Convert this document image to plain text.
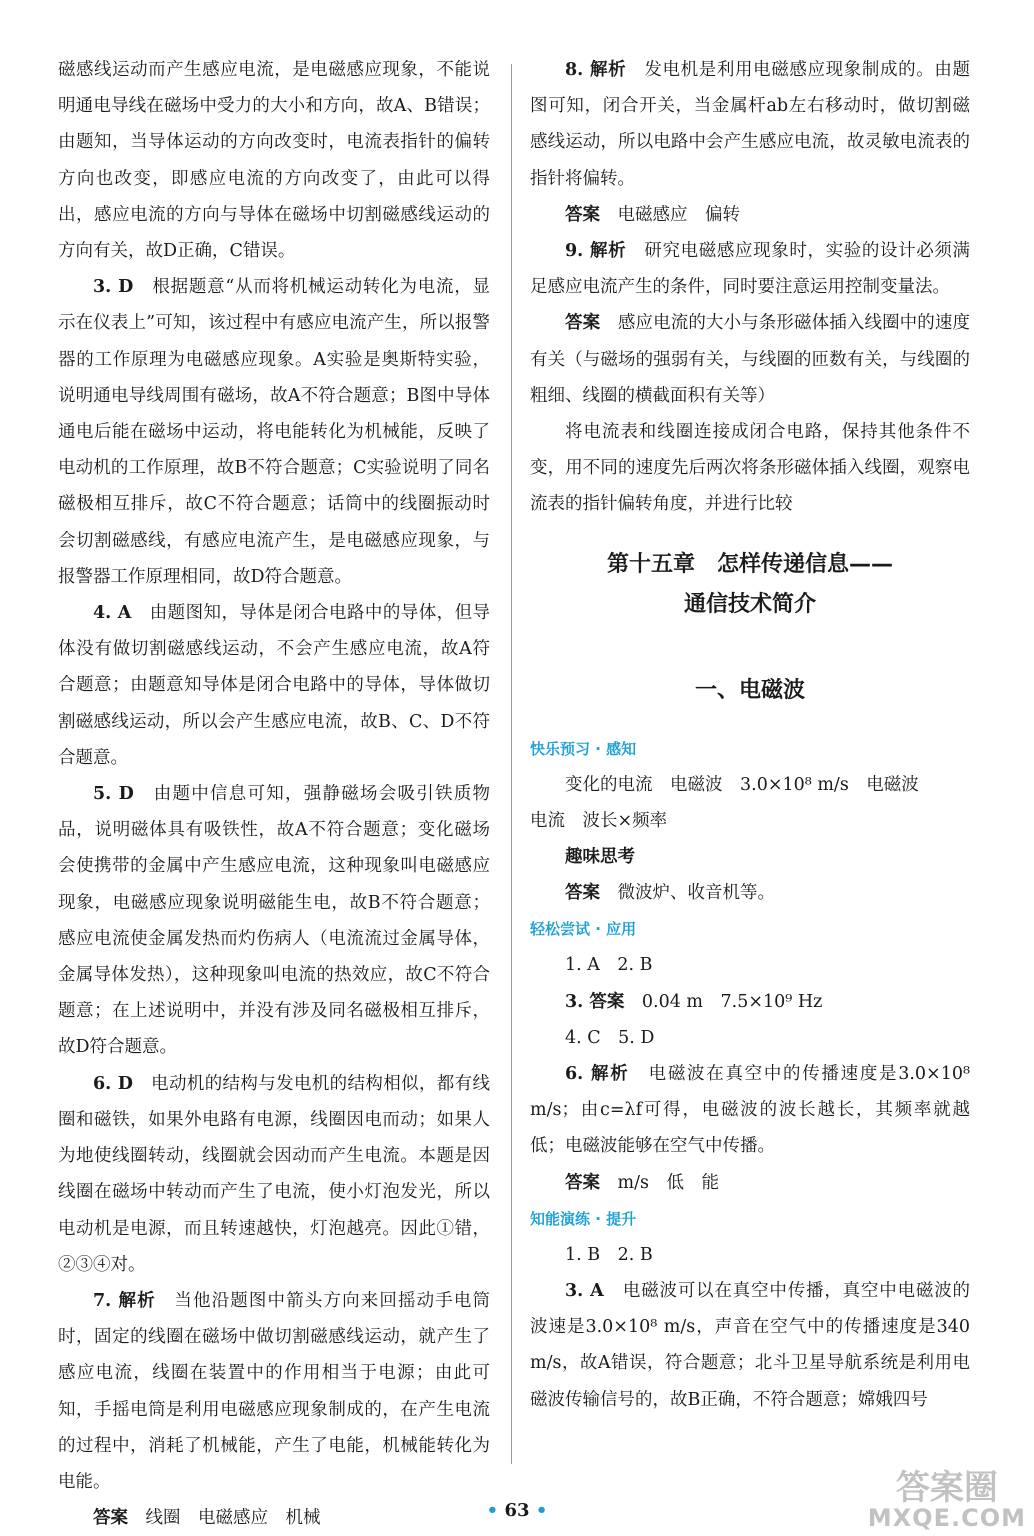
磁感线运动而产生感应电流，是电磁感应现象，不能说明通电导线在磁场中受力的大小和方向，故A、B错误；由题知，当导体运动的方向改变时，电流表指针的偏转方向也改变，即感应电流的方向改变了，由此可以得出，感应电流的方向与导体在磁场中切割磁感线运动的方向有关，故D正确，C错误。

3. D　 根据题意“从而将机械运动转化为电流，显示在仪表上”可知，该过程中有感应电流产生，所以报警器的工作原理为电磁感应现象。A实验是奥斯特实验，说明通电导线周围有磁场，故A不符合题意；B图中导体通电后能在磁场中运动，将电能转化为机械能，反映了电动机的工作原理，故B不符合题意；C实验说明了同名磁极相互排斥，故C不符合题意；话筒中的线圈振动时会切割磁感线，有感应电流产生，是电磁感应现象，与报警器工作原理相同，故D符合题意。

4. A　 由题图知，导体是闭合电路中的导体，但导体没有做切割磁感线运动，不会产生感应电流，故A符合题意；由题意知导体是闭合电路中的导体，导体做切割磁感线运动，所以会产生感应电流，故B、C、D不符合题意。

5. D　 由题中信息可知，强静磁场会吸引铁质物品，说明磁体具有吸铁性，故A不符合题意；变化磁场会使携带的金属中产生感应电流，这种现象叫电磁感应现象，电磁感应现象说明磁能生电，故B不符合题意；感应电流使金属发热而灼伤病人（电流流过金属导体，金属导体发热），这种现象叫电流的热效应，故C不符合题意；在上述说明中，并没有涉及同名磁极相互排斥，故D符合题意。

6. D　 电动机的结构与发电机的结构相似，都有线圈和磁铁，如果外电路有电源，线圈因电而动；如果人为地使线圈转动，线圈就会因动而产生电流。本题是因线圈在磁场中转动而产生了电流，使小灯泡发光，所以电动机是电源，而且转速越快，灯泡越亮。因此①错，②③④对。

7. 解析　 当他沿题图中箭头方向来回摇动手电筒时，固定的线圈在磁场中做切割磁感线运动，就产生了感应电流，线圈在装置中的作用相当于电源；由此可知，手摇电筒是利用电磁感应现象制成的，在产生电流的过程中，消耗了机械能，产生了电能，机械能转化为电能。

答案　 线圈　电磁感应　机械

8. 解析　 发电机是利用电磁感应现象制成的。由题图可知，闭合开关，当金属杆ab左右移动时，做切割磁感线运动，所以电路中会产生感应电流，故灵敏电流表的指针将偏转。

答案　 电磁感应　偏转

9. 解析　 研究电磁感应现象时，实验的设计必须满足感应电流产生的条件，同时要注意运用控制变量法。

答案　 感应电流的大小与条形磁体插入线圈中的速度有关（与磁场的强弱有关，与线圈的匝数有关，与线圈的粗细、线圈的横截面积有关等）

将电流表和线圈连接成闭合电路，保持其他条件不变，用不同的速度先后两次将条形磁体插入线圈，观察电流表的指针偏转角度，并进行比较

第十五章　怎样传递信息——
通信技术简介
一、电磁波
快乐预习 · 感知

变化的电流　电磁波　3.0×10⁸ m/s　电磁波

电流　波长×频率

趣味思考

答案　 微波炉、收音机等。

轻松尝试 · 应用

1. A　2. B

3. 答案　 0.04 m　7.5×10⁹ Hz

4. C　5. D

6. 解析　 电磁波在真空中的传播速度是3.0×10⁸ m/s；由c=λf可得，电磁波的波长越长，其频率就越低；电磁波能够在空气中传播。

答案　 m/s　低　能

知能演练 · 提升

1. B　2. B

3. A　 电磁波可以在真空中传播，真空中电磁波的波速是3.0×10⁸ m/s，声音在空气中的传播速度是340 m/s，故A错误，符合题意；北斗卫星导航系统是利用电磁波传输信号的，故B正确，不符合题意；嫦娥四号

• 63 •
答案圈
MXQE.COM
